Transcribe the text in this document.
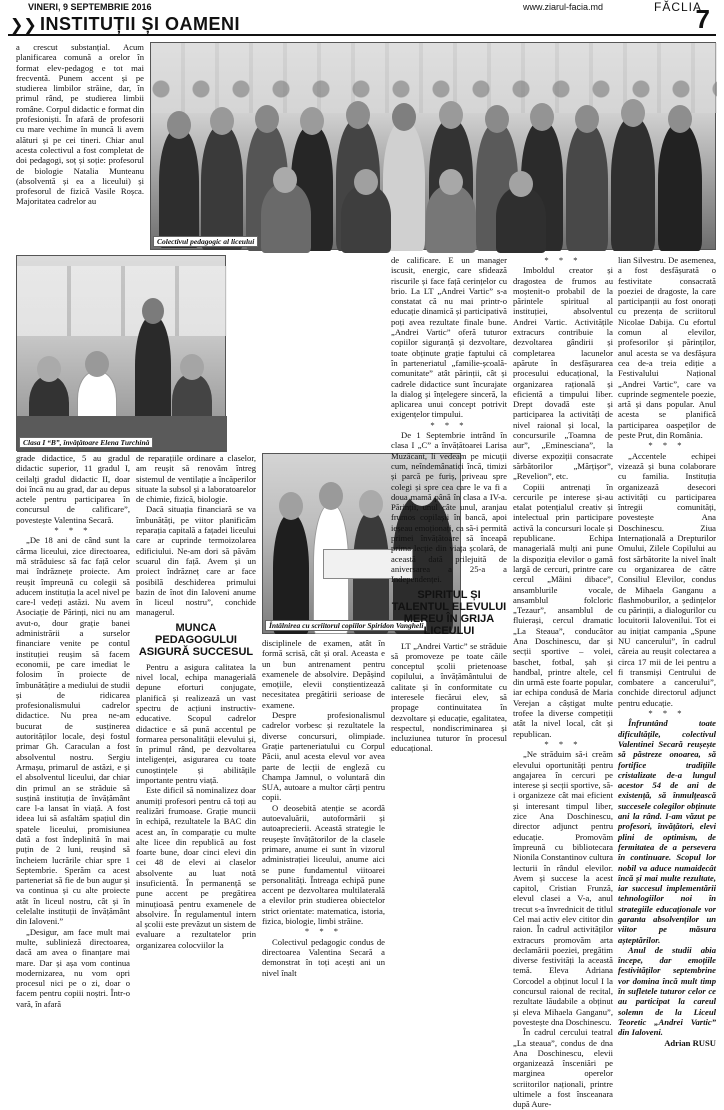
VINERI, 9 SEPTEMBRIE 2016	www.ziarul-facia.md	FĂCLIA
❯❯ INSTITUȚII ȘI OAMENI	7
Colectivul pedagogic al liceului
Clasa I “B”, învățătoare Elena Turchină
Întâlnirea cu scriitorul copiilor Spiridon Vangheli

a crescut substanțial. Acum planificarea comună a orelor în format elev-pedagog e tot mai frecventă. Punem accent și pe studierea limbilor străine, dar, în primul rând, pe studierea limbii române. Corpul didactic e format din profesioniști. În afară de profesorii cu mare vechime în muncă li avem alături și pe cei tineri. Chiar anul acesta colectivul a fost completat de doi pedagogi, soț și soție: profesorul de biologie Natalia Munteanu (absolventă și ea a liceului) și profesorul de fizică Vasile Roșca. Majoritatea cadrelor au

grade didactice, 5 au gradul didactic superior, 11 gradul I, ceilalți gradul didactic II, doar doi încă nu au grad, dar au depus actele pentru participarea în concursul de calificare”, povestește Valentina Secară.

* * *

„De 18 ani de când sunt la cârma liceului, zice directoarea, mă străduiesc să fac față celor mai îndrăznețe proiecte. Am reușit împreună cu colegii să aducem instituția la acel nivel pe care-l vedeți astăzi. Nu avem Asociație de Părinți, nici nu am avut-o, dour grație banei administrării a surselor financiare venite pe contul instituției reușim să facem economii, pe care imediat le folosim în proiecte de îmbunătățire a mediului de studii și de ridicarea profesionalismului cadrelor didactice. Nu prea ne-am bucurat de susținerea autorităților locale, deși fostul primar Gh. Caraculan a fost absolventul nostru. Sergiu Armașu, primarul de astăzi, e și el absolventul liceului, dar chiar din primul an se străduie să susțină instituția de învățământ care l-a lansat în viață. A fost ideea lui să asfaltăm spațiul din spatele liceului, promisiunea dată a fost îndeplinită în mai puțin de 2 luni, reușind să încheiem lucrările chiar spre 1 Septembrie. Sperăm ca acest parteneriat să fie de bun augur și va continua și cu alte proiecte atât în liceul nostru, cât și în celelalte instituții de învățământ din Ialoveni.”

„Desigur, am face mult mai multe, sublinieză directoarea, dacă am avea o finanțare mai mare. Dar și așa vom continua modernizarea, nu vom opri procesul nici pe o zi, doar o facem pentru copiii noștri. Într-o vară, în afară

de reparațiile ordinare a claselor, am reușit să renovăm întreg sistemul de ventilație a încăperilor situate la subsol și a laboratoarelor de chimie, fizică, biologie.

Dacă situația financiară se va îmbunătăți, pe viitor planificăm reparația capitală a fațadei liceului care ar cuprinde termoizolarea edificiului. Ne-am dori să păvăm scuarul din față. Avem și un proiect îndrăzneț care ar face posibilă deschiderea primului bazin de înot din Ialoveni anume în liceul nostru”, conchide managerul.

MUNCA PEDAGOGULUI ASIGURĂ SUCCESUL

Pentru a asigura calitatea la nivel local, echipa managerială depune eforturi conjugate, planifică și realizează un vast spectru de acțiuni instructiv-educative. Scopul cadrelor didactice e să pună accentul pe formarea personalității elevului și, în primul rând, pe dezvoltarea inteligenței, asigurarea cu toate cunoștințele și abilitățile importante pentru viață.

Este dificil să nominalizez doar anumiți profesori pentru că toți au realizări frumoase. Grație muncii în echipă, rezultatele la BAC din acest an, în comparație cu multe alte licee din republică au fost foarte bune, doar cinci elevi din cei 48 de elevi ai claselor absolvente au luat notă insuficientă. În permanență se pune accent pe pregătirea minuțioasă pentru examenele de absolvire. În regulamentul intern al școlii este prevăzut un sistem de evaluare a rezultatelor prin organizarea colocviilor la

disciplinele de examen, atât în formă scrisă, cât și oral. Aceasta e un bun antrenament pentru examenele de absolvire. Depășind emoțiile, elevii conștientizează necesitatea pregătirii serioase de examene.

Despre profesionalismul cadrelor vorbesc și rezultatele la diverse concursuri, olimpiade. Grație parteneriatului cu Corpul Păcii, anul acesta elevul vor avea parte de lecții de engleză cu Champa Jamnul, o voluntară din SUA, autoare a multor cărți pentru copii.

O deosebită atenție se acordă autoevaluării, autoformării și autoaprecierii. Această strategie le reușește învățătorilor de la clasele primare, anume ei sunt în vizorul administrației liceului, anume aici se pune fundamentul viitoarei personalități. Întreaga echipă pune accent pe dezvoltarea multilaterală a elevilor prin studierea obiectelor strict orientate: matematica, istoria, fizica, biologie, limbi străine.

* * *

Colectivul pedagogic condus de directoarea Valentina Secară a demonstrat în toți acești ani un nivel înalt

de calificare. E un manager iscusit, energic, care sfidează riscurile și face față cerințelor cu brio. La LT „Andrei Vartic” s-a constatat că nu mai printr-o educație dinamică și participativă poți avea rezultate finale bune. „Andrei Vartic” oferă tuturor copiilor siguranță și dezvoltare, toate obținute grație faptului că în parteneriatul „familie-școală-comunitate” atât părinții, cât și cadrele didactice sunt încurajate la dialog și înțelegere sinceră, la aplicarea unui concept potrivit exigențelor timpului.

* * *

De 1 Septembrie intrând în clasa I „C” a învățătoarei Larisa Muzâcant, li vedeam pe micuții cum, neîndemânatici încă, timizi și parcă pe furiș, priveau spre colegi și spre cea care le va fi a doua mamă până în clasa a IV-a. Părinții, unul câte unul, aranjau frumos copilașii în bancă, apoi ieșeau emoționați, ca să-i permită primei învățătoare să înceapă prima lecție din viața școlară, de această dată prilejuită de aniversarea a 25-a a Independenței.

SPIRITUL ȘI TALENTUL ELEVULUI MEREU ÎN GRIJA LICEULUI

LT „Andrei Vartic” se străduie să promoveze pe toate căile conceptul școlii prietenoase copilului, a învățământului de calitate și în conformitate cu interesele fiecărui elev, să propage continuitatea în dezvoltare și educație, egalitatea, respectul, nondiscriminarea și incluziunea tuturor în procesul educațional.

* * *

Imboldul creator și dragostea de frumos au moștenit-o probabil de la părintele spiritual al instituției, absolventul Andrei Vartic. Activitățile extracurs contribuie la dezvoltarea gândirii și completarea lacunelor apărute în desfășurarea procesului educațional, la organizarea rațională și eficientă a timpului liber. Drept dovadă este și participarea la activități de nivel raional și local, la concursurile „Toamna de aur”, „Eminesciana”, la diverse expoziții consacrate sărbătorilor „Mărțișor”, „Revelion”, etc.

Copiii antrenați în cercurile pe interese și-au etalat potențialul creativ și intelectual prin participare activă la concursuri locale și republicane. Echipa managerială mulți ani pune la dispoziția elevilor o gamă largă de cercuri, printre care cercul „Mâini dibace”, ansamblurile vocale, ansamblul folcloric „Tezaur”, ansamblul de fluierași, cercul dramatic „La Steaua”, conducător Ana Doschinescu, dar și secții sportive – volei, baschet, fotbal, șah și handbal, printre altele, cel din urmă este foarte popular, iar echipa condusă de Maria Verejan a câștigat multe trofee la diverse competiții atât la nivel local, cât și republican.

* * *

„Ne străduim să-i creăm elevului oportunități pentru angajarea în cercuri pe interese și secții sportive, să-i organizeze cât mai eficient și interesant timpul liber, zice Ana Doschinescu, director adjunct pentru educație. Promovăm împreună cu bibliotecara Nionila Constantinov cultura lecturii în rândul elevilor. Avem și succese la acest capitol, Cristian Frunză, elevul clasei a V-a, anul trecut s-a învrednicit de titlul Cel mai activ elev cititor din raion. În cadrul activităților extracurs promovăm arta declamării poeziei, pregătim diverse festivități la această temă. Eleva Adriana Corcodel a obținut locul I la concursul raional de recital, rezultate lăudabile a obținut și eleva Mihaela Ganganu”, povestește dna Doschinescu.

În cadrul cercului teatral „La steaua”, condus de dna Ana Doschinescu, elevii organizează însceniări pe marginea operelor scriitorilor naționali, printre ultimele a fost însceanara după Aure-

lian Silvestru. De asemenea, a fost desfășurată o festivitate consacrată poeziei de dragoste, la care participanții au fost onorați cu prezența de scriitorul Nicolae Dabija. Cu efortul comun al elevilor, profesorilor și părinților, anul acesta se va desfășura cea de-a treia ediție a Festivalului Național „Andrei Vartic”, care va cuprinde segmentele poezie, artă și dans popular. Anul acesta se planifică participarea oaspeților de peste Prut, din România.

* * *

„Accentele echipei vizează și buna colaborare cu familia. Instituția organizează desecori activități cu participarea întregii comunități, povestește Ana Doschinescu. Ziua Internațională a Drepturilor Omului, Zilele Copilului au fost sărbătorite la nivel înalt cu organizarea de către Consiliul Elevilor, condus de Mihaela Ganganu a flashmoburilor, a ședințelor cu părinții, a dialogurilor cu locuitorii Ialovenilui. Tot ei au inițiat campania „Spune NU cancerului”, în cadrul căreia au reușit colectarea a circa 17 mii de lei pentru a fi transmiși Centrului de combatere a cancerului”, conchide directorul adjunct pentru educație.

* * *

Înfruntând toate dificultățile, colectivul Valentinei Secară reușește să păstreze onoarea, să fortifice tradițiile cristalizate de-a lungul acestor 54 de ani de existență, să înmulțească succesele colegilor obținute ani la rând. I-am văzut pe profesori, învățători, elevi plini de optimism, de fermitatea de a persevera în continuare. Scopul lor nobil va aduce numaidecât încă și mai multe rezultate, iar succesul implementării tehnologiilor noi în strategiile educaționale vor garanta absolvenților un viitor pe măsura așteptărilor.

Anul de studii abia începe, dar emoțiile festivităților septembrine vor domina încă mult timp în sufletele tuturor celor ce au participat la careul solemn de la Liceul Teoretic „Andrei Vartic” din Ialoveni.

Adrian RUSU
